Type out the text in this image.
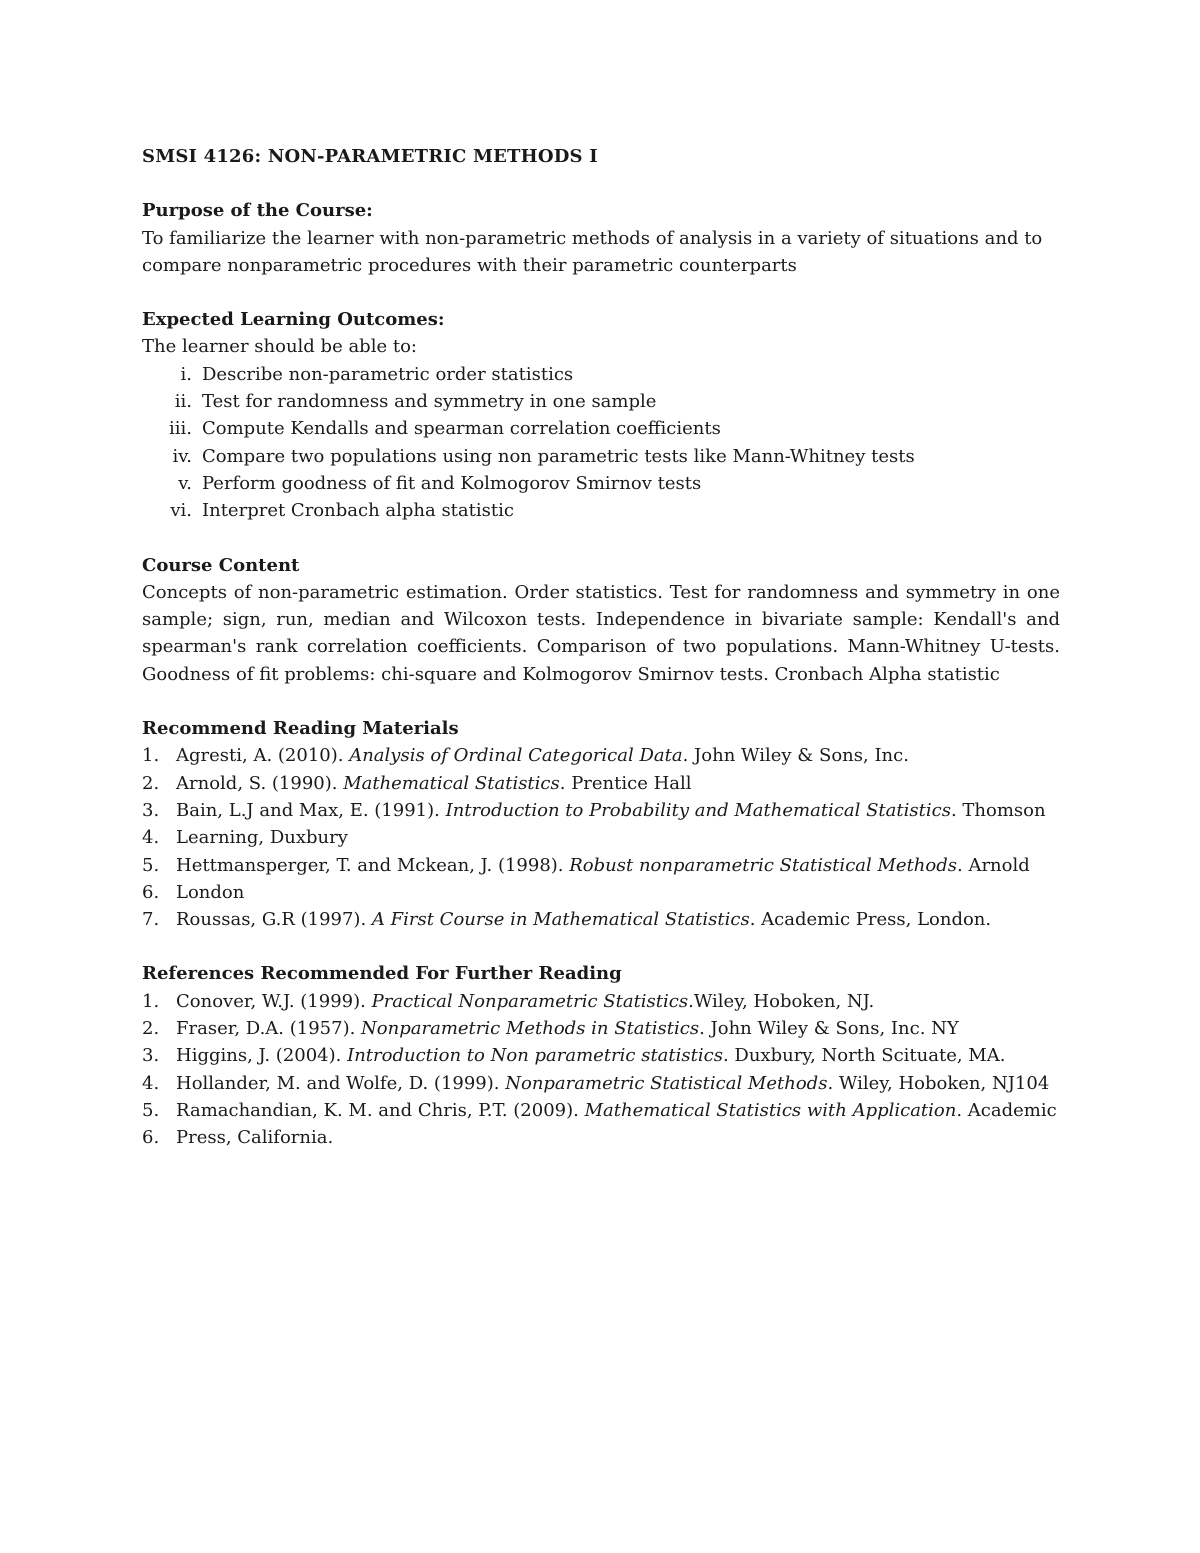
SMSI 4126: NON-PARAMETRIC METHODS I

Purpose of the Course:

To familiarize the learner with non-parametric methods of analysis in a variety of situations and to compare nonparametric procedures with their parametric counterparts

Expected Learning Outcomes:

The learner should be able to:

i. Describe non-parametric order statistics
ii. Test for randomness and symmetry in one sample
iii. Compute Kendalls and spearman correlation coefficients
iv. Compare two populations using non parametric tests like Mann-Whitney tests
v. Perform goodness of fit and Kolmogorov Smirnov tests
vi. Interpret Cronbach alpha statistic

Course Content

Concepts of non-parametric estimation. Order statistics. Test for randomness and symmetry in one sample; sign, run, median and Wilcoxon tests. Independence in bivariate sample: Kendall's and spearman's rank correlation coefficients. Comparison of two populations. Mann-Whitney U-tests. Goodness of fit problems: chi-square and Kolmogorov Smirnov tests. Cronbach Alpha statistic

Recommend Reading Materials

1. Agresti, A. (2010). Analysis of Ordinal Categorical Data. John Wiley & Sons, Inc.
2. Arnold, S. (1990). Mathematical Statistics. Prentice Hall
3. Bain, L.J and Max, E. (1991). Introduction to Probability and Mathematical Statistics. Thomson
4. Learning, Duxbury
5. Hettmansperger, T. and Mckean, J. (1998). Robust nonparametric Statistical Methods. Arnold
6. London
7. Roussas, G.R (1997). A First Course in Mathematical Statistics. Academic Press, London.

References Recommended For Further Reading

1. Conover, W.J. (1999). Practical Nonparametric Statistics.Wiley, Hoboken, NJ.
2. Fraser, D.A. (1957). Nonparametric Methods in Statistics. John Wiley & Sons, Inc. NY
3. Higgins, J. (2004). Introduction to Non parametric statistics. Duxbury, North Scituate, MA.
4. Hollander, M. and Wolfe, D. (1999). Nonparametric Statistical Methods. Wiley, Hoboken, NJ104
5. Ramachandian, K. M. and Chris, P.T. (2009). Mathematical Statistics with Application. Academic
6. Press, California.
